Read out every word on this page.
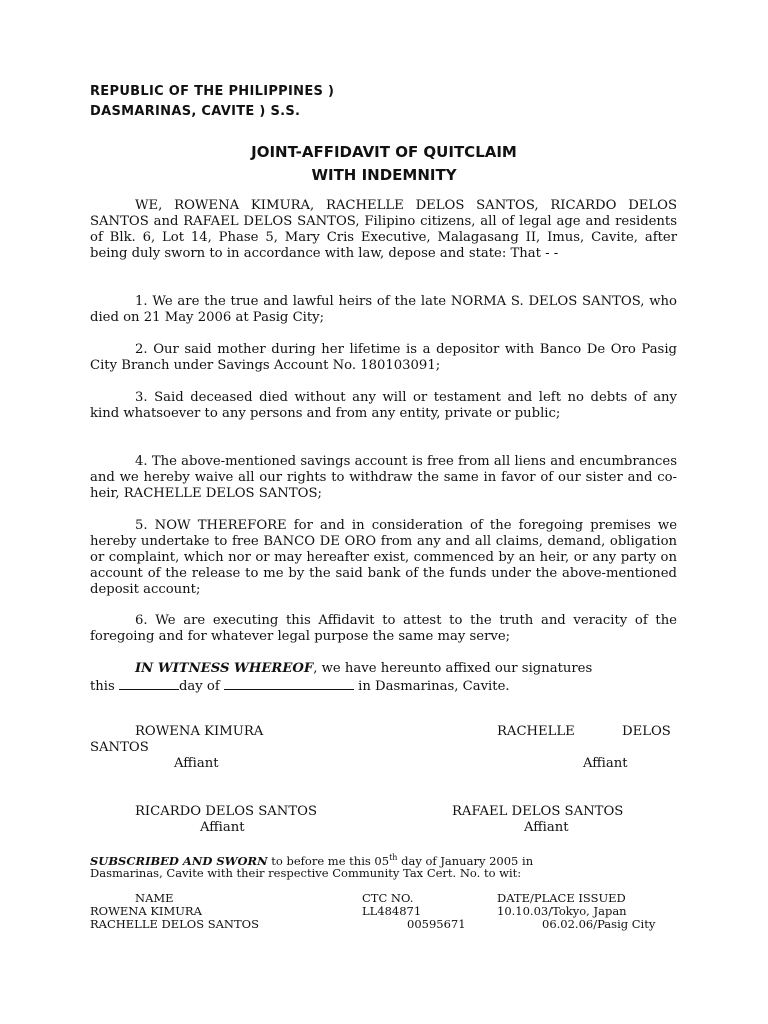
REPUBLIC OF THE PHILIPPINES )
DASMARINAS, CAVITE ) S.S.
JOINT-AFFIDAVIT OF QUITCLAIM
WITH INDEMNITY
WE, ROWENA KIMURA, RACHELLE DELOS SANTOS, RICARDO DELOS SANTOS and RAFAEL DELOS SANTOS, Filipino citizens, all of legal age and residents of Blk. 6, Lot 14, Phase 5, Mary Cris Executive, Malagasang II, Imus, Cavite, after being duly sworn to in accordance with law, depose and state: That - -
1. We are the true and lawful heirs of the late NORMA S. DELOS SANTOS, who died on 21 May 2006 at Pasig City;
2. Our said mother during her lifetime is a depositor with Banco De Oro Pasig City Branch under Savings Account No. 180103091;
3. Said deceased died without any will or testament and left no debts of any kind whatsoever to any persons and from any entity, private or public;
4. The above-mentioned savings account is free from all liens and encumbrances and we hereby waive all our rights to withdraw the same in favor of our sister and co-heir, RACHELLE DELOS SANTOS;
5. NOW THEREFORE for and in consideration of the foregoing premises we hereby undertake to free BANCO DE ORO from any and all claims, demand, obligation or complaint, which nor or may hereafter exist, commenced by an heir, or any party on account of the release to me by the said bank of the funds under the above-mentioned deposit account;
6. We are executing this Affidavit to attest to the truth and veracity of the foregoing and for whatever legal purpose the same may serve;
IN WITNESS WHEREOF, we have hereunto affixed our signatures
this	day of	in Dasmarinas, Cavite.
ROWENA KIMURA	RACHELLE	DELOS
SANTOS
Affiant	Affiant
RICARDO DELOS SANTOS	RAFAEL DELOS SANTOS
Affiant	Affiant
SUBSCRIBED AND SWORN to before me this 05th day of January 2005 in
Dasmarinas, Cavite with their respective Community Tax Cert. No. to wit:
NAME	CTC NO.	DATE/PLACE ISSUED
ROWENA KIMURA	LL484871	10.10.03/Tokyo, Japan
RACHELLE DELOS SANTOS	00595671	06.02.06/Pasig City
